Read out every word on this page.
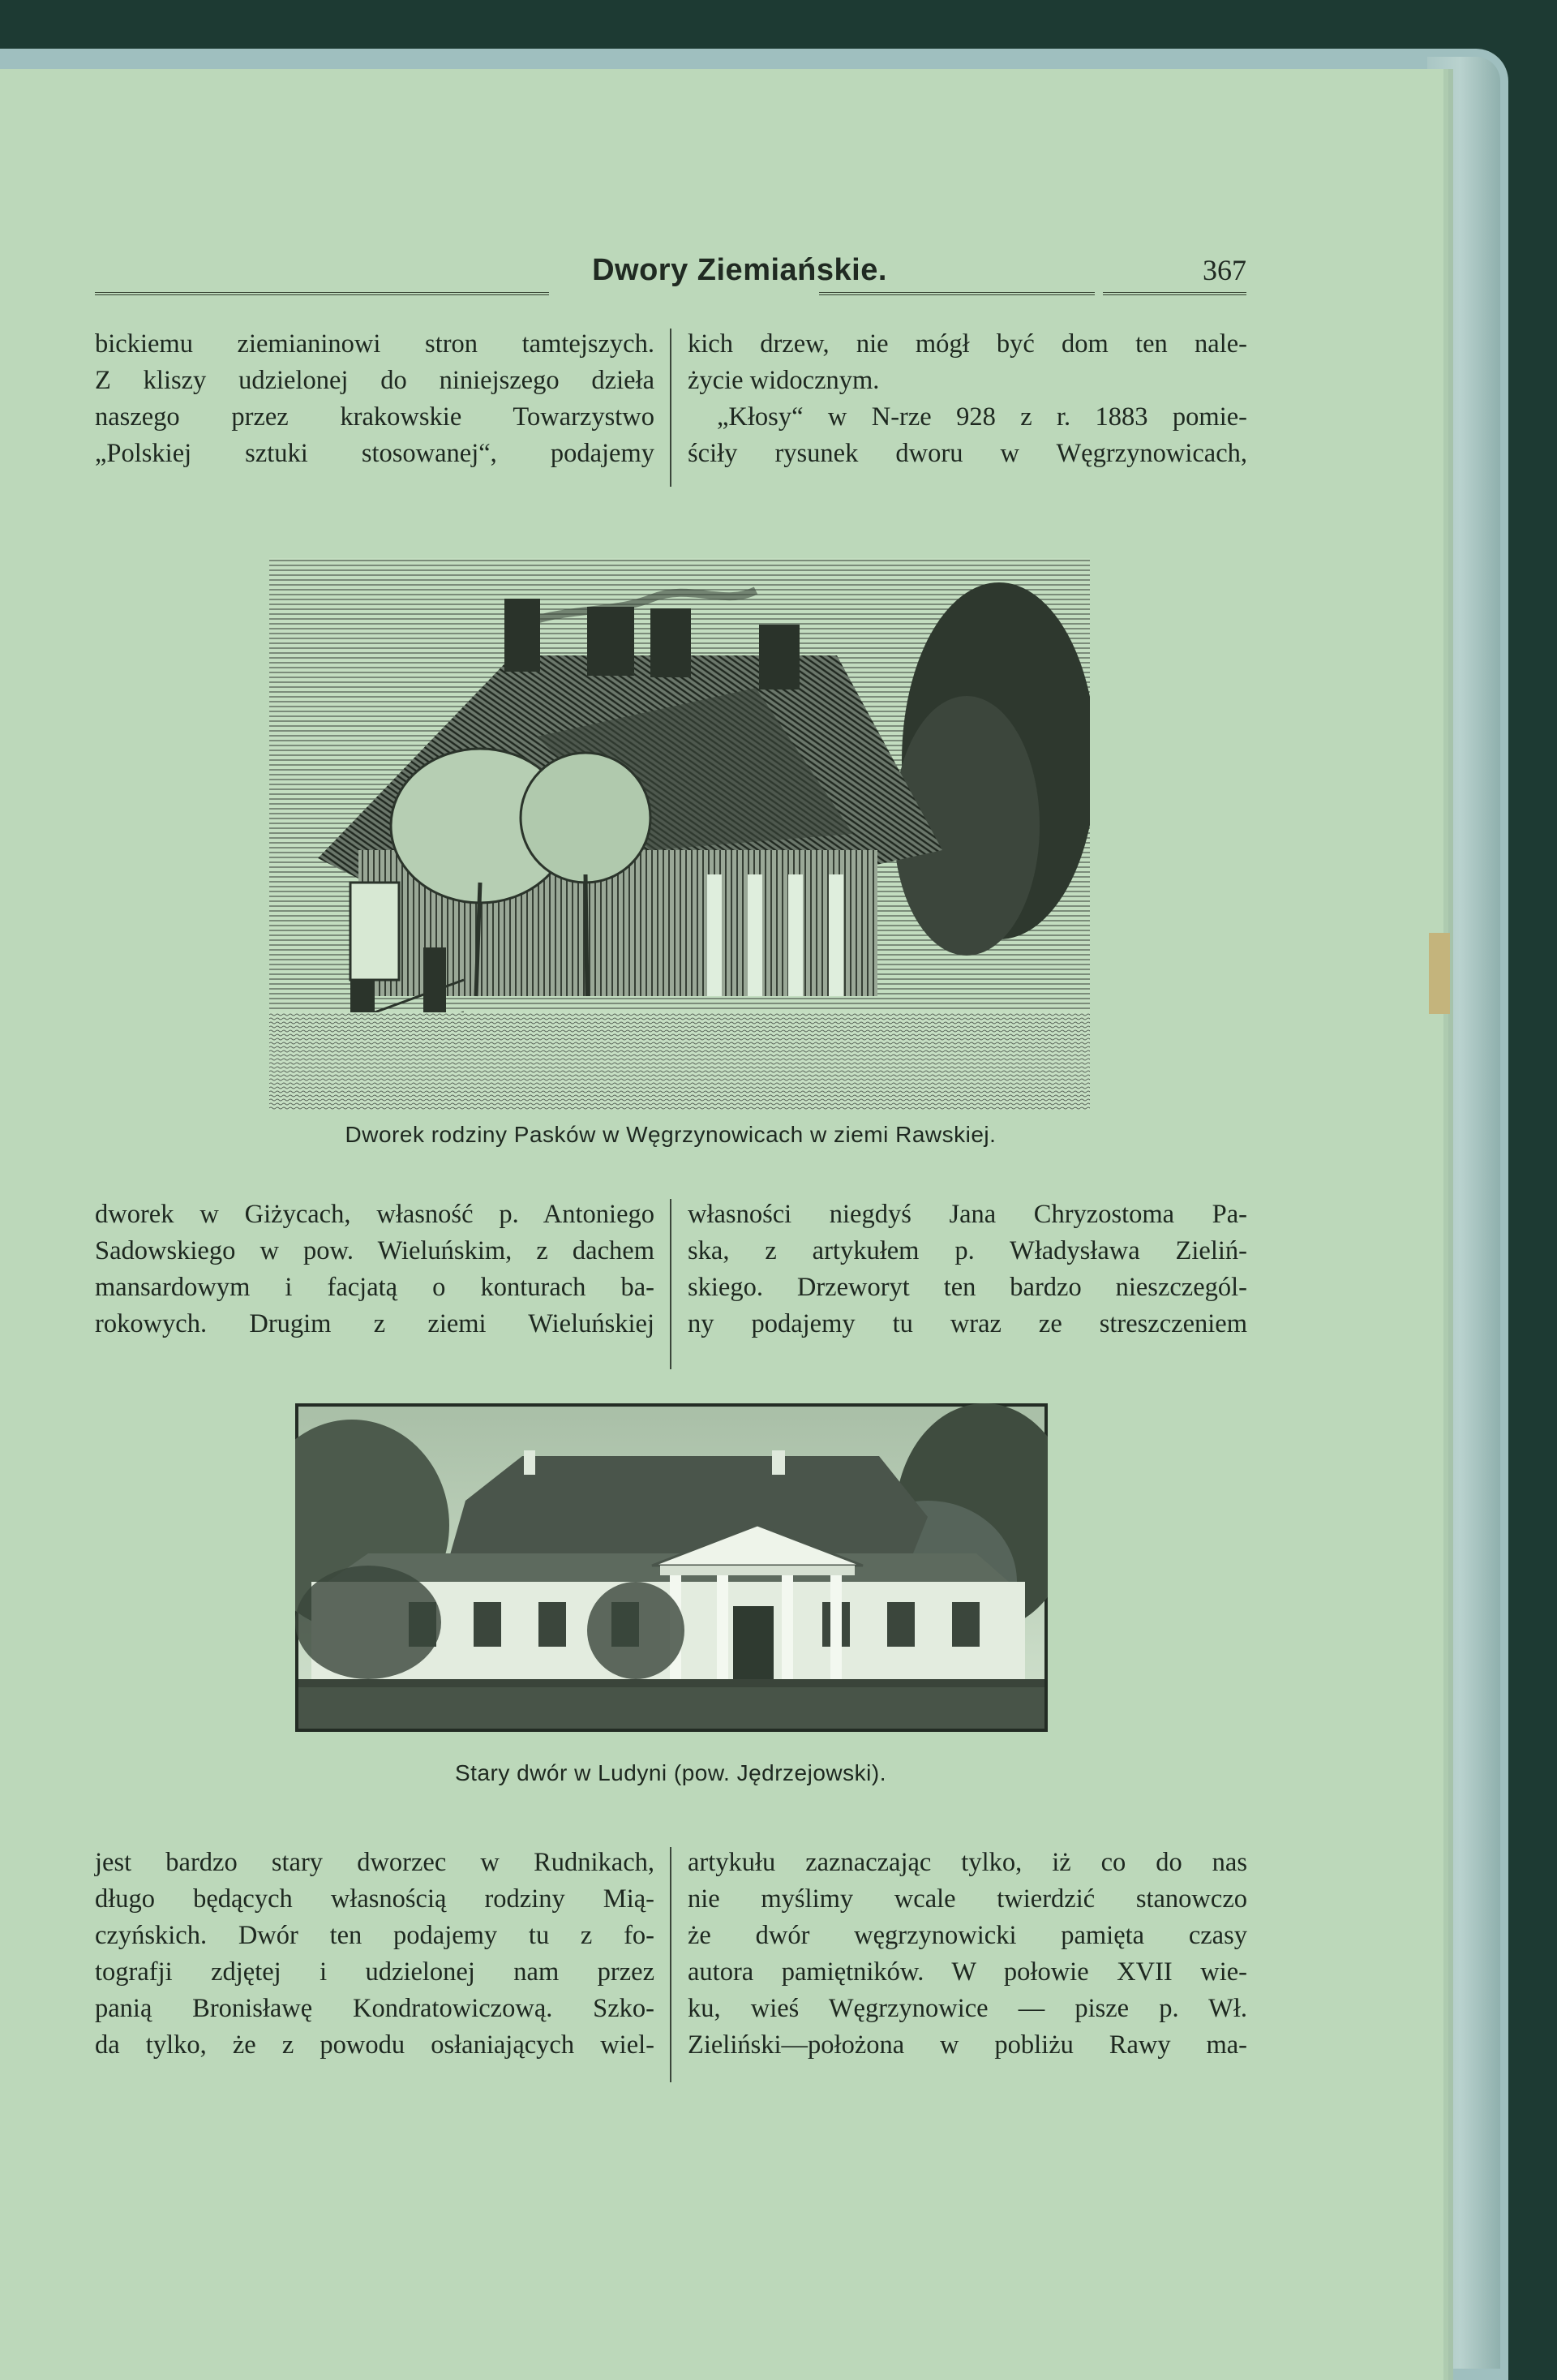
Dwory Ziemiańskie.	367
bickiemu ziemianinowi stron tamtejszych.
Z kliszy udzielonej do niniejszego dzieła
naszego przez krakowskie Towarzystwo
„Polskiej sztuki stosowanej“, podajemy
kich drzew, nie mógł być dom ten nale-
życie widocznym.
„Kłosy“ w N-rze 928 z r. 1883 pomie-
ściły rysunek dworu w Węgrzynowicach,
Dworek rodziny Pasków w Węgrzynowicach w ziemi Rawskiej.
dworek w Giżycach, własność p. Antoniego
Sadowskiego w pow. Wieluńskim, z dachem
mansardowym i facjatą o konturach ba-
rokowych. Drugim z ziemi Wieluńskiej
własności niegdyś Jana Chryzostoma Pa-
ska, z artykułem p. Władysława Zieliń-
skiego. Drzeworyt ten bardzo nieszczegól-
ny podajemy tu wraz ze streszczeniem
Stary dwór w Ludyni (pow. Jędrzejowski).
jest bardzo stary dworzec w Rudnikach,
długo będących własnością rodziny Mią-
czyńskich. Dwór ten podajemy tu z fo-
tografji zdjętej i udzielonej nam przez
panią Bronisławę Kondratowiczową. Szko-
da tylko, że z powodu osłaniających wiel-
artykułu zaznaczając tylko, iż co do nas
nie myślimy wcale twierdzić stanowczo
że dwór węgrzynowicki pamięta czasy
autora pamiętników. W połowie XVII wie-
ku, wieś Węgrzynowice — pisze p. Wł.
Zieliński—położona w pobliżu Rawy ma-
